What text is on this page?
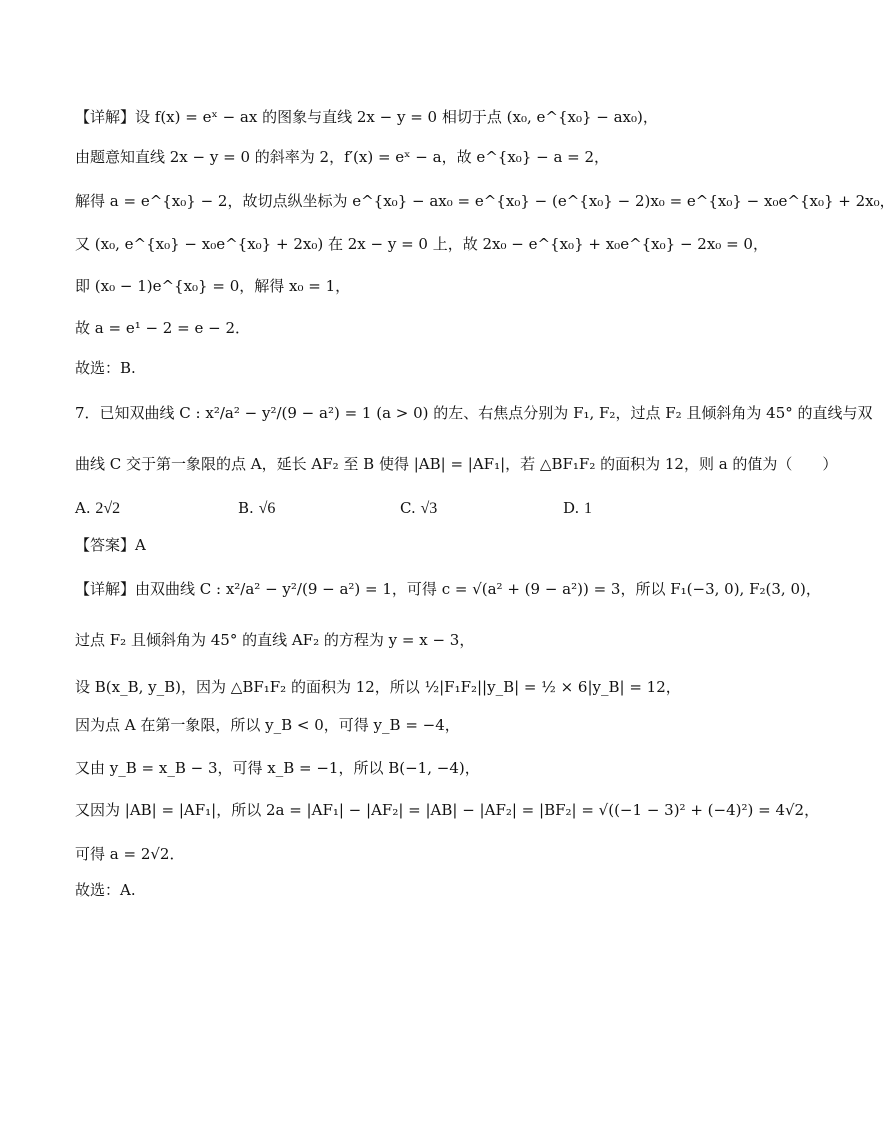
【详解】设 f(x) = eˣ − ax 的图象与直线 2x − y = 0 相切于点 (x₀, e^{x₀} − ax₀)，
由题意知直线 2x − y = 0 的斜率为 2，f′(x) = eˣ − a，故 e^{x₀} − a = 2，
解得 a = e^{x₀} − 2，故切点纵坐标为 e^{x₀} − ax₀ = e^{x₀} − (e^{x₀} − 2)x₀ = e^{x₀} − x₀e^{x₀} + 2x₀，
又 (x₀, e^{x₀} − x₀e^{x₀} + 2x₀) 在 2x − y = 0 上，故 2x₀ − e^{x₀} + x₀e^{x₀} − 2x₀ = 0，
即 (x₀ − 1)e^{x₀} = 0，解得 x₀ = 1，
故 a = e¹ − 2 = e − 2．
故选：B.
7．已知双曲线 C : x²/a² − y²/(9 − a²) = 1 (a > 0) 的左、右焦点分别为 F₁, F₂，过点 F₂ 且倾斜角为 45° 的直线与双
曲线 C 交于第一象限的点 A，延长 AF₂ 至 B 使得 |AB| = |AF₁|，若 △BF₁F₂ 的面积为 12，则 a 的值为（　　）
A. 2√2	B. √6	C. √3	D. 1
【答案】A
【详解】由双曲线 C : x²/a² − y²/(9 − a²) = 1，可得 c = √(a² + (9 − a²)) = 3，所以 F₁(−3, 0), F₂(3, 0)，
过点 F₂ 且倾斜角为 45° 的直线 AF₂ 的方程为 y = x − 3，
设 B(x_B, y_B)，因为 △BF₁F₂ 的面积为 12，所以 ½|F₁F₂||y_B| = ½ × 6|y_B| = 12，
因为点 A 在第一象限，所以 y_B < 0，可得 y_B = −4，
又由 y_B = x_B − 3，可得 x_B = −1，所以 B(−1, −4)，
又因为 |AB| = |AF₁|，所以 2a = |AF₁| − |AF₂| = |AB| − |AF₂| = |BF₂| = √((−1 − 3)² + (−4)²) = 4√2，
可得 a = 2√2．
故选：A.
